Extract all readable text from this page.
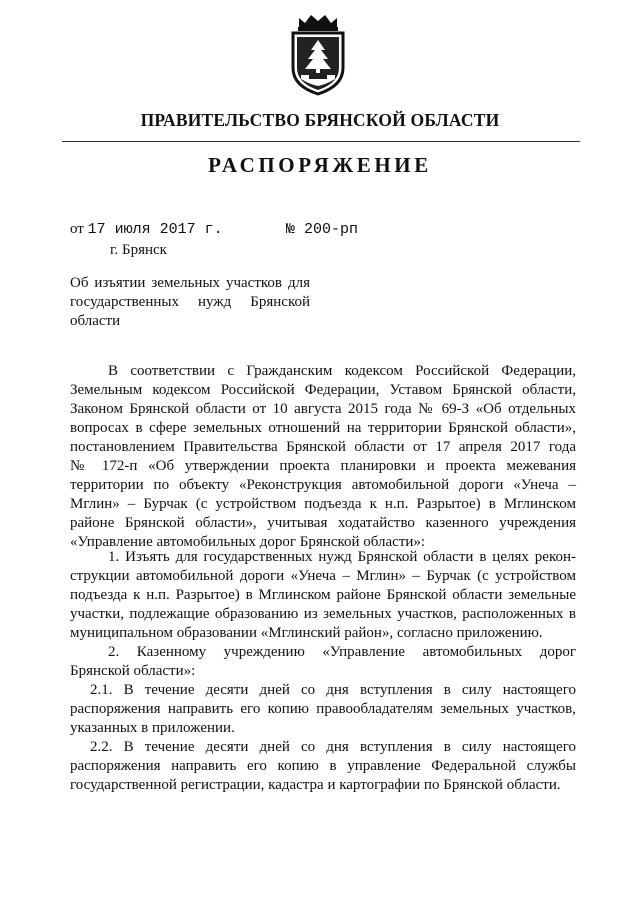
ПРАВИТЕЛЬСТВО БРЯНСКОЙ ОБЛАСТИ
РАСПОРЯЖЕНИЕ
от 17 июля 2017 г.	№ 200-рп
г. Брянск
Об изъятии земельных участков для
государственных нужд Брянской
области

В соответствии с Гражданским кодексом Российской Федерации,
Земельным кодексом Российской Федерации, Уставом Брянской области,
Законом Брянской области от 10 августа 2015 года № 69-З «Об отдельных
вопросах в сфере земельных отношений на территории Брянской области»,
постановлением Правительства Брянской области от 17 апреля 2017 года
№ 172-п «Об утверждении проекта планировки и проекта межевания
территории по объекту «Реконструкция автомобильной дороги «Унеча –
Мглин» – Бурчак (с устройством подъезда к н.п. Разрытое) в Мглинском
районе Брянской области», учитывая ходатайство казенного учреждения
«Управление автомобильных дорог Брянской области»:

1. Изъять для государственных нужд Брянской области в целях рекон-
струкции автомобильной дороги «Унеча – Мглин» – Бурчак (с устройством
подъезда к н.п. Разрытое) в Мглинском районе Брянской области земельные
участки, подлежащие образованию из земельных участков, расположенных в
муниципальном образовании «Мглинский район», согласно приложению.

2. Казенному учреждению «Управление автомобильных дорог
Брянской области»:

2.1. В течение десяти дней со дня вступления в силу настоящего
распоряжения направить его копию правообладателям земельных участков,
указанных в приложении.

2.2. В течение десяти дней со дня вступления в силу настоящего
распоряжения направить его копию в управление Федеральной службы
государственной регистрации, кадастра и картографии по Брянской области.
